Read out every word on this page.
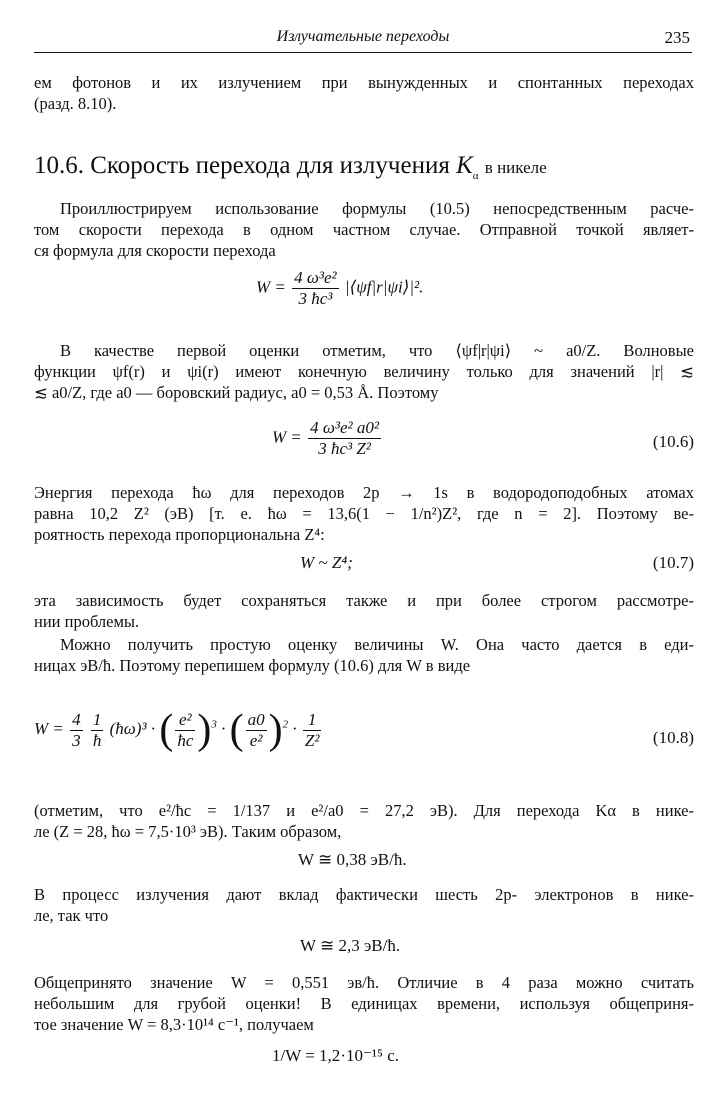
Излучательные переходы	235
ем фотонов и их излучением при вынужденных и спонтанных переходах
(разд. 8.10).
10.6. Скорость перехода для излучения $K_\alpha$ в никеле
Проиллюстрируем использование формулы (10.5) непосредственным расче-
том скорости перехода в одном частном случае. Отправной точкой являет-
ся формула для скорости перехода
$W = \frac{\text{4 ω³e²}}{\text{3 ħc³}}$ |⟨ψf|r|ψi⟩|².
В качестве первой оценки отметим, что ⟨ψf|r|ψi⟩ ~ a0/Z. Волновые
функции ψf(r) и ψi(r) имеют конечную величину только для значений |r| ≲
≲ a0/Z, где a0 — боровский радиус, a0 = 0,53 Å. Поэтому
$W = \frac{\text{4 ω³e² a0²}}{\text{3 ħc³ Z²}}$	(10.6)
Энергия перехода ħω для переходов 2p → 1s в водородоподобных атомах
равна 10,2 Z² (эВ) [т. е. ħω = 13,6(1 − 1/n²)Z², где n = 2]. Поэтому ве-
роятность перехода пропорциональна Z⁴:
W ~ Z⁴;	(10.7)
эта зависимость будет сохраняться также и при более строгом рассмотре-
нии проблемы.
Можно получить простую оценку величины W. Она часто дается в еди-
ницах эВ/ħ. Поэтому перепишем формулу (10.6) для W в виде
$W = \frac{4}{3}$
$\frac{1}{ħ}$ (ħω)³ · ( $\frac{\text{e²}}{ħc} )^3$ · ( $\frac{a0}{\text{e²}} )^2 \cdot \frac{1}{\text{Z²}}$	(10.8)
(отметим, что e²/ħc = 1/137 и e²/a0 = 27,2 эВ). Для перехода Kα в нике-
ле (Z = 28, ħω = 7,5·10³ эВ). Таким образом,
W ≅ 0,38 эВ/ħ.
В процесс излучения дают вклад фактически шесть 2p- электронов в нике-
ле, так что
W ≅ 2,3 эВ/ħ.
Общепринято значение W = 0,551 эв/ħ. Отличие в 4 раза можно считать
небольшим для грубой оценки! В единицах времени, используя общеприня-
тое значение W = 8,3·10¹⁴ с⁻¹, получаем
1/W = 1,2·10⁻¹⁵ с.
